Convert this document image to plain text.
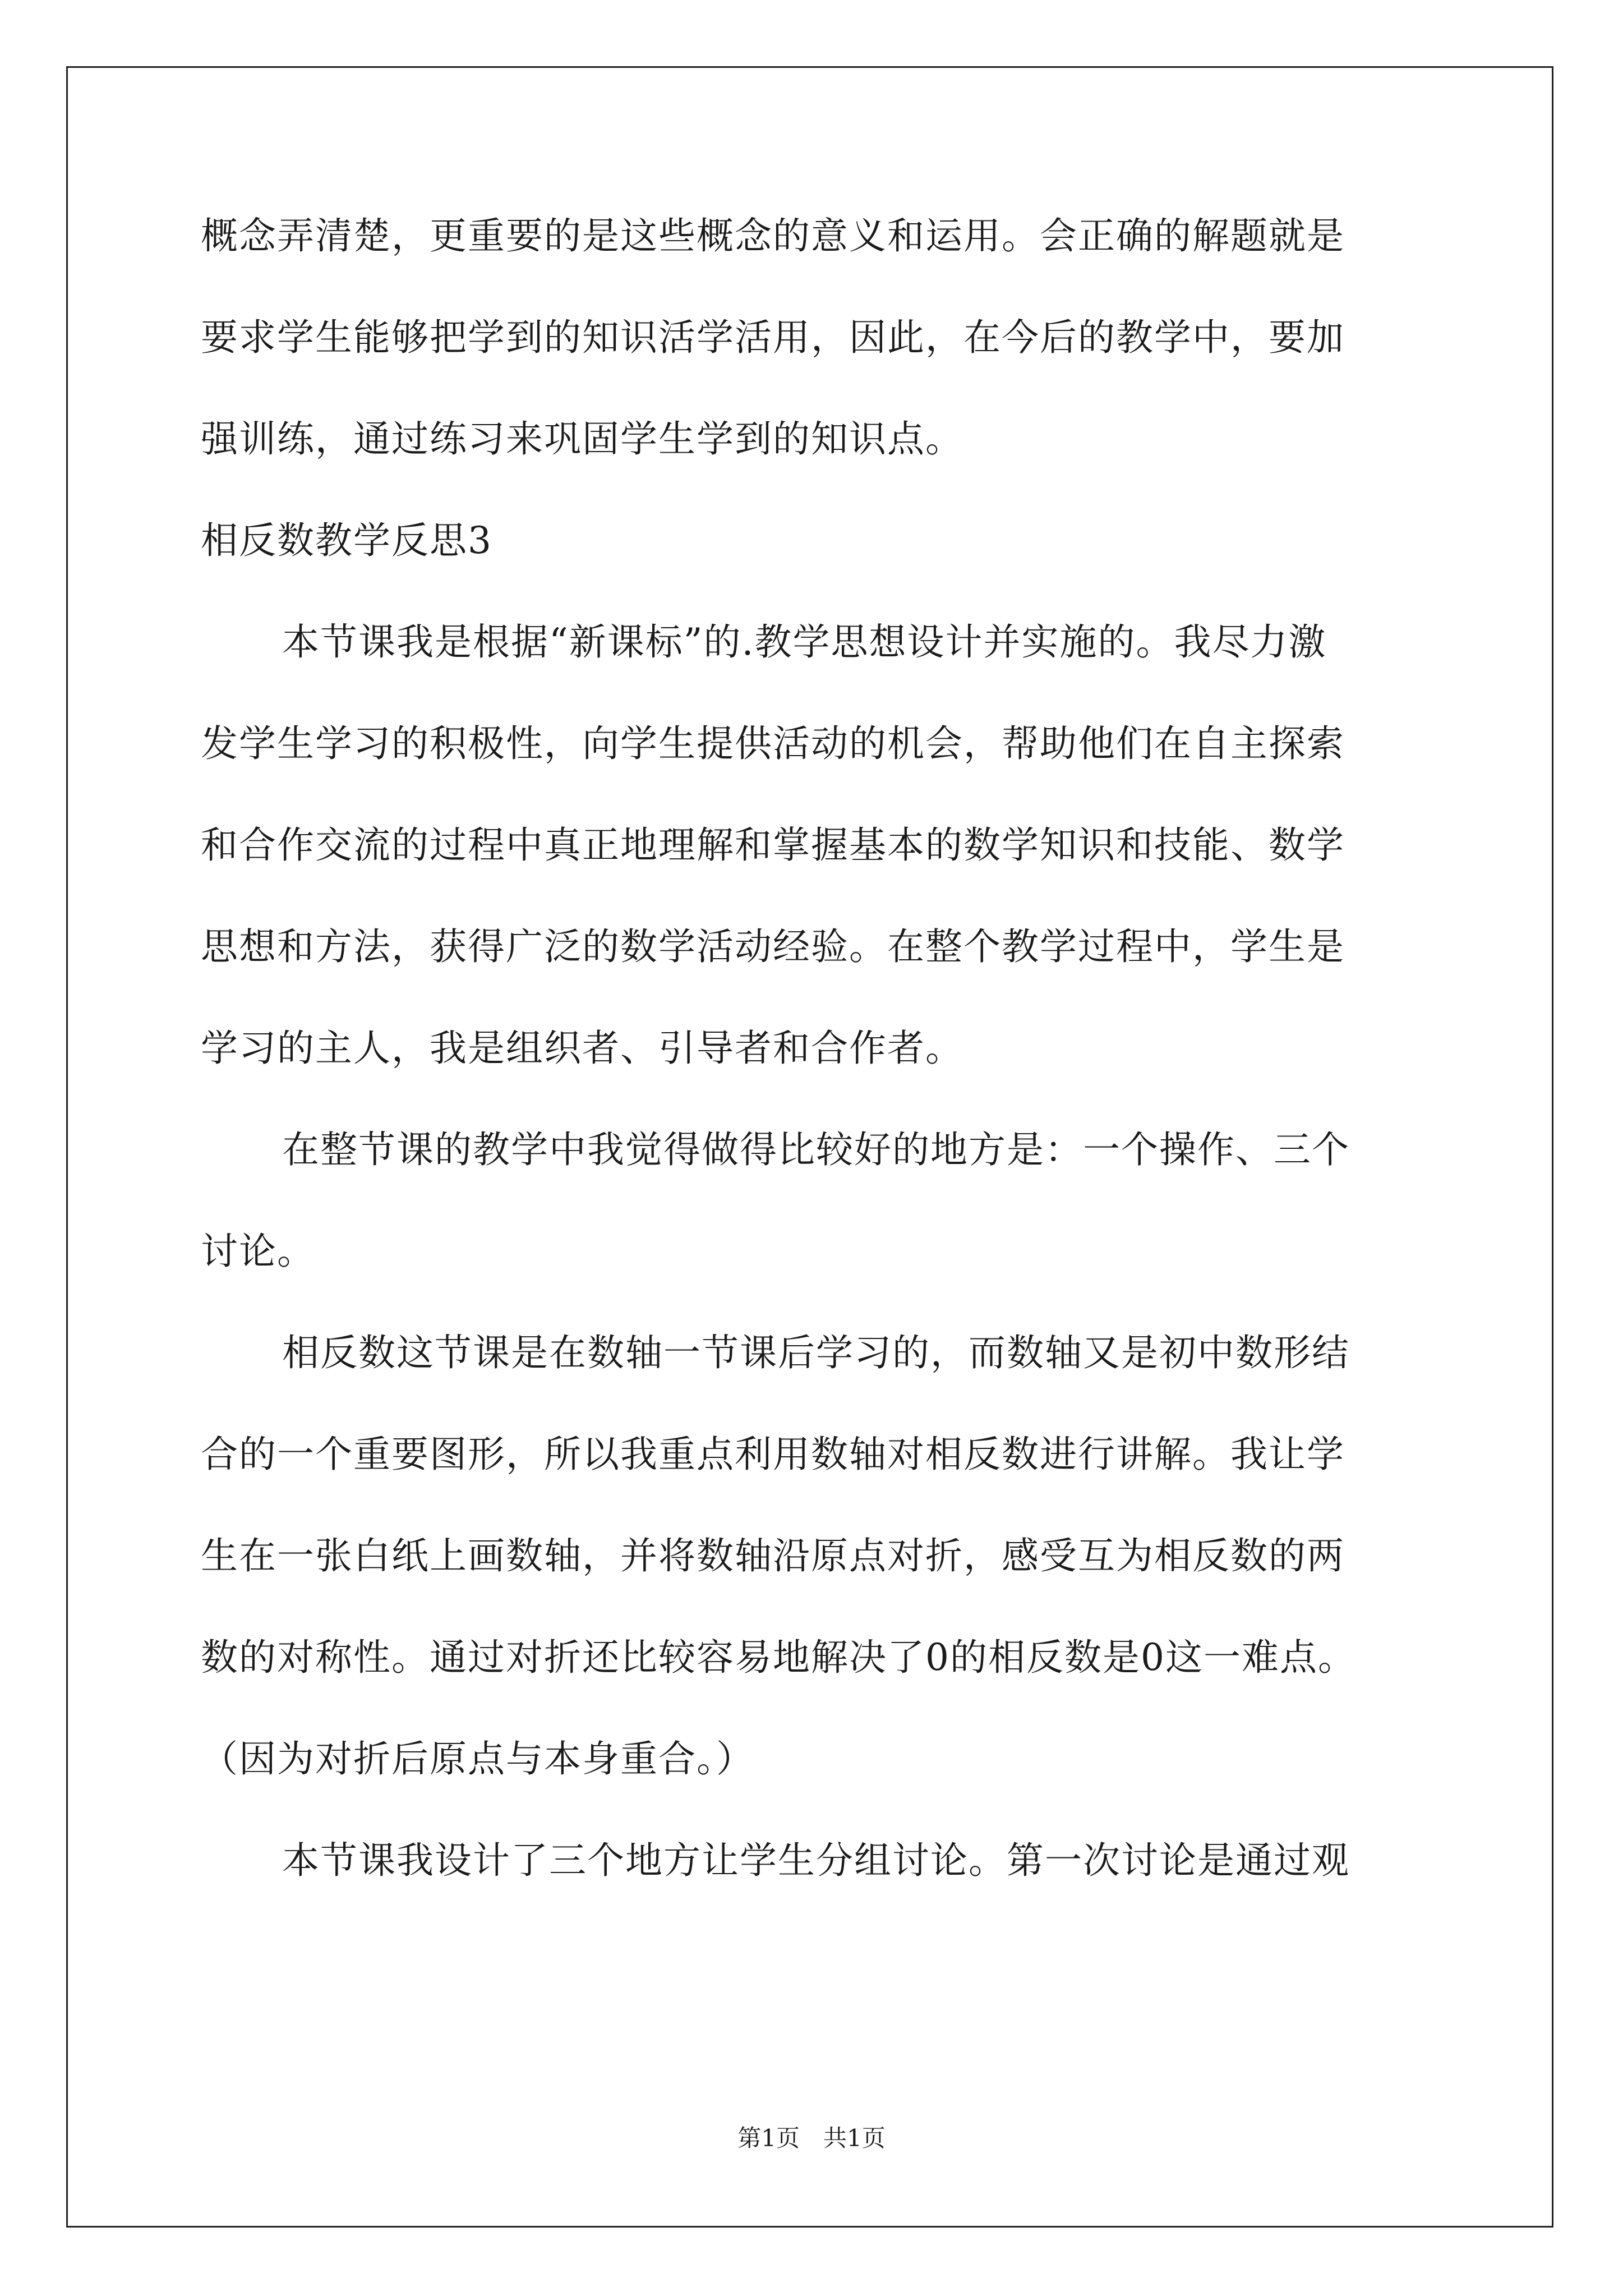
概念弄清楚，更重要的是这些概念的意义和运用。会正确的解题就是
要求学生能够把学到的知识活学活用，因此，在今后的教学中，要加
强训练，通过练习来巩固学生学到的知识点。
相反数教学反思3
本节课我是根据“新课标”的.教学思想设计并实施的。我尽力激
发学生学习的积极性，向学生提供活动的机会，帮助他们在自主探索
和合作交流的过程中真正地理解和掌握基本的数学知识和技能、数学
思想和方法，获得广泛的数学活动经验。在整个教学过程中，学生是
学习的主人，我是组织者、引导者和合作者。
在整节课的教学中我觉得做得比较好的地方是：一个操作、三个
讨论。
相反数这节课是在数轴一节课后学习的，而数轴又是初中数形结
合的一个重要图形，所以我重点利用数轴对相反数进行讲解。我让学
生在一张白纸上画数轴，并将数轴沿原点对折，感受互为相反数的两
数的对称性。通过对折还比较容易地解决了0的相反数是0这一难点。
（因为对折后原点与本身重合。）
本节课我设计了三个地方让学生分组讨论。第一次讨论是通过观
第1页　共1页
